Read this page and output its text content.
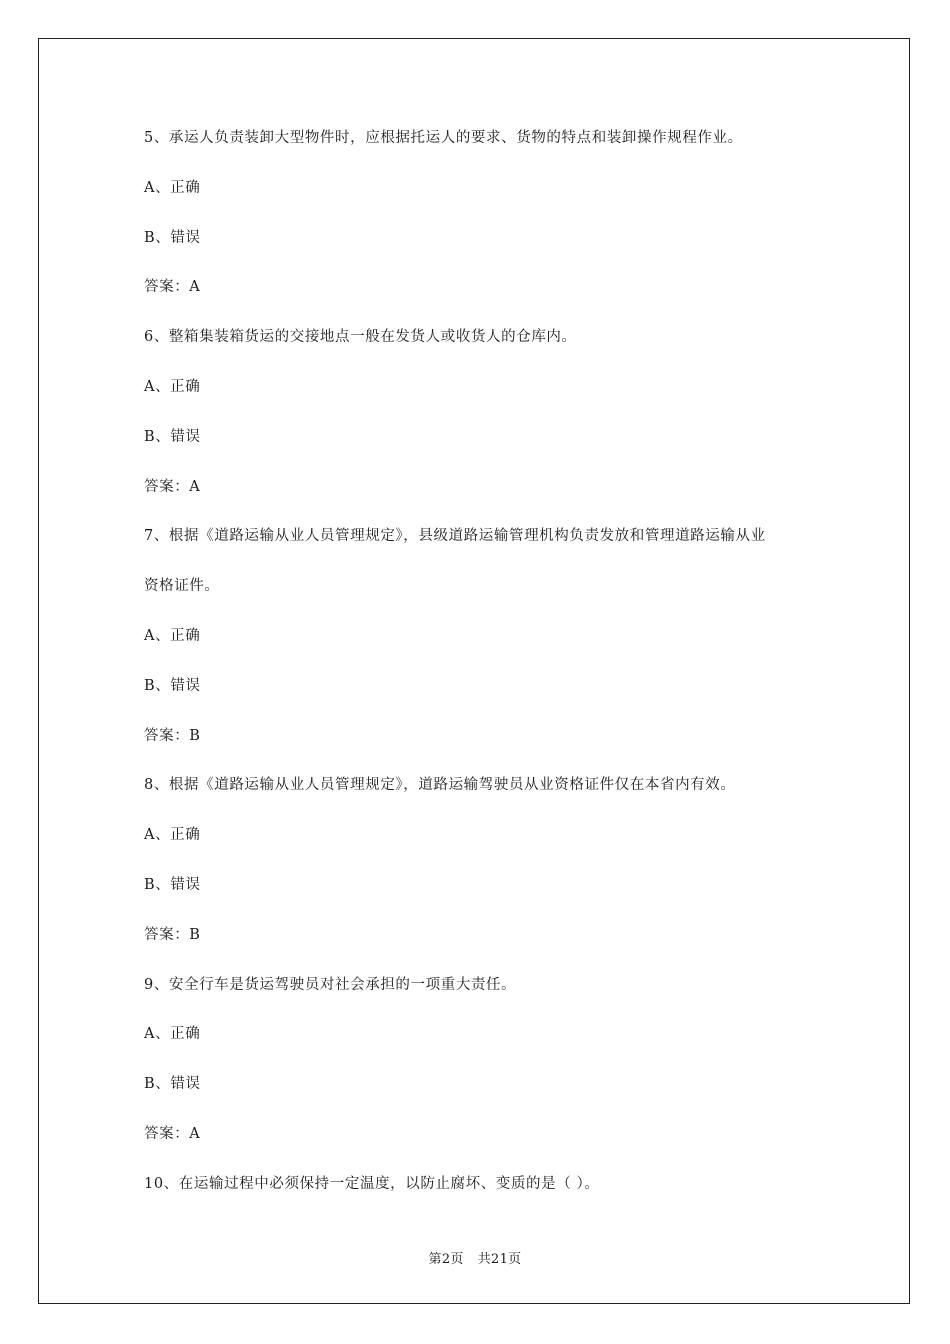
5、承运人负责装卸大型物件时，应根据托运人的要求、货物的特点和装卸操作规程作业。
A、正确
B、错误
答案：A
6、整箱集装箱货运的交接地点一般在发货人或收货人的仓库内。
A、正确
B、错误
答案：A
7、根据《道路运输从业人员管理规定》，县级道路运输管理机构负责发放和管理道路运输从业
资格证件。
A、正确
B、错误
答案：B
8、根据《道路运输从业人员管理规定》，道路运输驾驶员从业资格证件仅在本省内有效。
A、正确
B、错误
答案：B
9、安全行车是货运驾驶员对社会承担的一项重大责任。
A、正确
B、错误
答案：A
10、在运输过程中必须保持一定温度，以防止腐坏、变质的是（ ）。
第2页 共21页
